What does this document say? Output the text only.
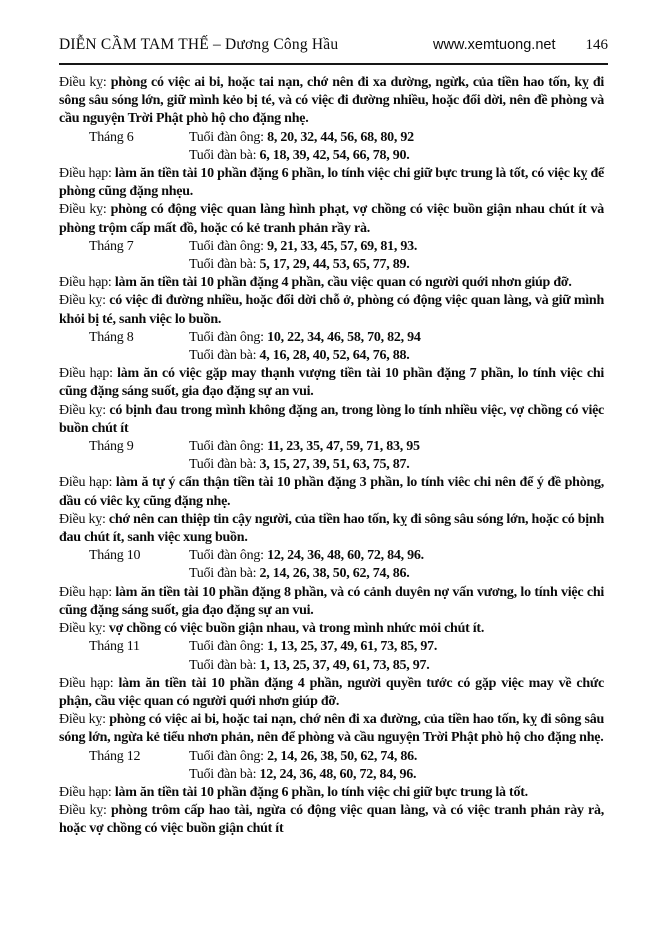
DIỄN CẦM TAM THẾ – Dương Công Hầu	www.xemtuong.net 146

Điều kỵ: phòng có việc ai bi, hoặc tai nạn, chớ nên đi xa dường, ngừk, của tiền hao tốn, kỵ đi sông sâu sóng lớn, giữ mình kẻo bị té, và có việc đi đường nhiều, hoặc đổi dời, nên đề phòng và cầu nguyện Trời Phật phò hộ cho đặng nhẹ.

Tháng 6	Tuổi đàn ông: 8, 20, 32, 44, 56, 68, 80, 92
Tuổi đàn bà: 6, 18, 39, 42, 54, 66, 78, 90.

Điều hạp: làm ăn tiền tài 10 phần đặng 6 phần, lo tính việc chi giữ bực trung là tốt, có việc kỵ để phòng cũng đặng nhẹu.

Điều kỵ: phòng có động việc quan làng hình phạt, vợ chồng có việc buồn giận nhau chút ít và phòng trộm cấp mất đồ, hoặc có kẻ tranh phản rầy rà.

Tháng 7	Tuổi đàn ông: 9, 21, 33, 45, 57, 69, 81, 93.
Tuổi đàn bà: 5, 17, 29, 44, 53, 65, 77, 89.

Điều hạp: làm ăn tiền tài 10 phần đặng 4 phần, cầu việc quan có người quới nhơn giúp đỡ.

Điều kỵ: có việc đi đường nhiều, hoặc đổi dời chỗ ở, phòng có động việc quan làng, và giữ mình khỏi bị té, sanh việc lo buồn.

Tháng 8	Tuổi đàn ông: 10, 22, 34, 46, 58, 70, 82, 94
Tuổi đàn bà: 4, 16, 28, 40, 52, 64, 76, 88.

Điều hạp: làm ăn có việc gặp may thạnh vượng tiền tài 10 phần đặng 7 phần, lo tính việc chi cũng đặng sáng suốt, gia đạo đặng sự an vui.

Điều kỵ: có bịnh đau trong mình không đặng an, trong lòng lo tính nhiều việc, vợ chồng có việc buồn chút ít

Tháng 9	Tuổi đàn ông: 11, 23, 35, 47, 59, 71, 83, 95
Tuổi đàn bà: 3, 15, 27, 39, 51, 63, 75, 87.

Điều hạp: làm ă tự ý cẩn thận tiền tài 10 phần đặng 3 phần, lo tính viêc chi nên để ý đề phòng, dầu có viêc kỵ cũng đặng nhẹ.

Điều kỵ: chớ nên can thiệp tin cậy người, của tiền hao tốn, kỵ đi sông sâu sóng lớn, hoặc có bịnh đau chút ít, sanh việc xung buồn.

Tháng 10	Tuổi đàn ông: 12, 24, 36, 48, 60, 72, 84, 96.
Tuổi đàn bà: 2, 14, 26, 38, 50, 62, 74, 86.

Điều hạp: làm ăn tiền tài 10 phần đặng 8 phần, và có cảnh duyên nợ vấn vương, lo tính việc chi cũng đặng sáng suốt, gia đạo đặng sự an vui.

Điều kỵ: vợ chồng có việc buồn giận nhau, và trong mình nhức mỏi chút ít.

Tháng 11	Tuổi đàn ông: 1, 13, 25, 37, 49, 61, 73, 85, 97.
Tuổi đàn bà: 1, 13, 25, 37, 49, 61, 73, 85, 97.

Điều hạp: làm ăn tiền tài 10 phần đặng 4 phần, người quyền tước có gặp việc may về chức phận, cầu việc quan có người quới nhơn giúp đỡ.

Điều kỵ: phòng có việc ai bi, hoặc tai nạn, chớ nên đi xa đường, của tiền hao tốn, kỵ đi sông sâu sóng lớn, ngừa kẻ tiểu nhơn phản, nên để phòng và cầu nguyện Trời Phật phò hộ cho đặng nhẹ.

Tháng 12	Tuổi đàn ông: 2, 14, 26, 38, 50, 62, 74, 86.
Tuổi đàn bà: 12, 24, 36, 48, 60, 72, 84, 96.

Điều hạp: làm ăn tiền tài 10 phần đặng 6 phần, lo tính việc chi giữ bực trung là tốt.

Điều kỵ: phòng trôm cấp hao tài, ngừa có động việc quan làng, và có việc tranh phản rày rà, hoặc vợ chồng có việc buồn giận chút ít
